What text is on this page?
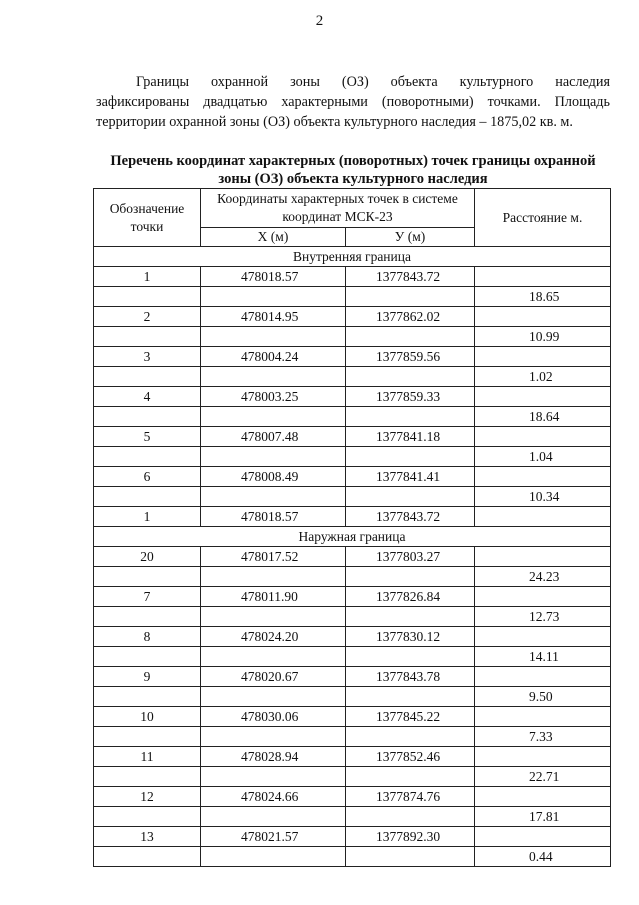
2
Границы охранной зоны (ОЗ) объекта культурного наследия
зафиксированы двадцатью характерными (поворотными) точками. Площадь
территории охранной зоны (ОЗ) объекта культурного наследия – 1875,02 кв. м.
Перечень координат характерных (поворотных) точек границы охранной
зоны (ОЗ) объекта культурного наследия
Обозначение точки	Координаты характерных точек в системе координат МСК-23		Расстояние м.
	Х (м)	У (м)	
Внутренняя граница			
1	478018.57	1377843.72	
			18.65
2	478014.95	1377862.02	
			10.99
3	478004.24	1377859.56	
			1.02
4	478003.25	1377859.33	
			18.64
5	478007.48	1377841.18	
			1.04
6	478008.49	1377841.41	
			10.34
1	478018.57	1377843.72	
Наружная граница			
20	478017.52	1377803.27	
			24.23
7	478011.90	1377826.84	
			12.73
8	478024.20	1377830.12	
			14.11
9	478020.67	1377843.78	
			9.50
10	478030.06	1377845.22	
			7.33
11	478028.94	1377852.46	
			22.71
12	478024.66	1377874.76	
			17.81
13	478021.57	1377892.30	
			0.44
